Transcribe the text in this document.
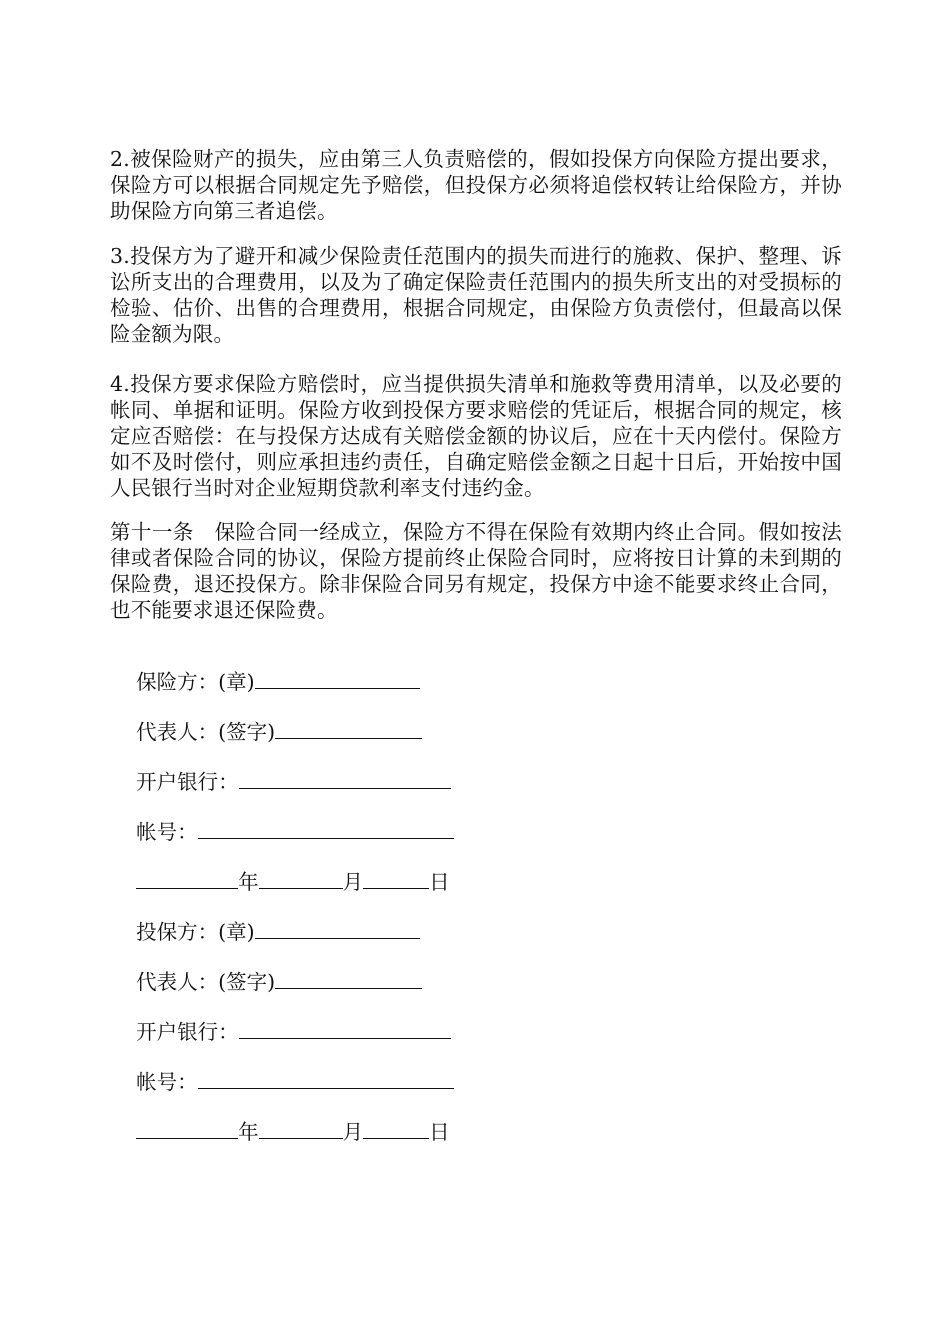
2.被保险财产的损失，应由第三人负责赔偿的，假如投保方向保险方提出要求，保险方可以根据合同规定先予赔偿，但投保方必须将追偿权转让给保险方，并协助保险方向第三者追偿。

3.投保方为了避开和减少保险责任范围内的损失而进行的施救、保护、整理、诉讼所支出的合理费用，以及为了确定保险责任范围内的损失所支出的对受损标的检验、估价、出售的合理费用，根据合同规定，由保险方负责偿付，但最高以保险金额为限。

4.投保方要求保险方赔偿时，应当提供损失清单和施救等费用清单，以及必要的帐同、单据和证明。保险方收到投保方要求赔偿的凭证后，根据合同的规定，核定应否赔偿：在与投保方达成有关赔偿金额的协议后，应在十天内偿付。保险方如不及时偿付，则应承担违约责任，自确定赔偿金额之日起十日后，开始按中国人民银行当时对企业短期贷款利率支付违约金。

第十一条　保险合同一经成立，保险方不得在保险有效期内终止合同。假如按法律或者保险合同的协议，保险方提前终止保险合同时，应将按日计算的未到期的保险费，退还投保方。除非保险合同另有规定，投保方中途不能要求终止合同，也不能要求退还保险费。

保险方：(章)

代表人：(签字)

开户银行：

帐号：

年	月	日

投保方：(章)

代表人：(签字)

开户银行：

帐号：

年	月	日
